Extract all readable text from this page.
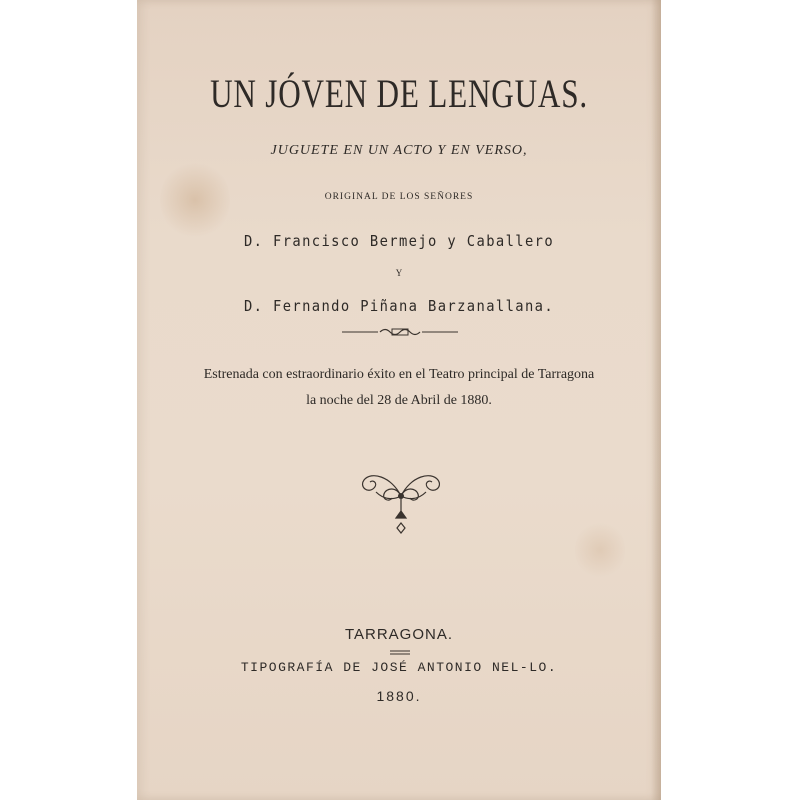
UN JÓVEN DE LENGUAS.
JUGUETE EN UN ACTO Y EN VERSO,
ORIGINAL DE LOS SEÑORES
D. Francisco Bermejo y Caballero
Y
D. Fernando Piñana Barzanallana.
Estrenada con estraordinario éxito en el Teatro principal de Tarragona
la noche del 28 de Abril de 1880.
TARRAGONA.
TIPOGRAFÍA DE JOSÉ ANTONIO NEL-LO.
1880.
